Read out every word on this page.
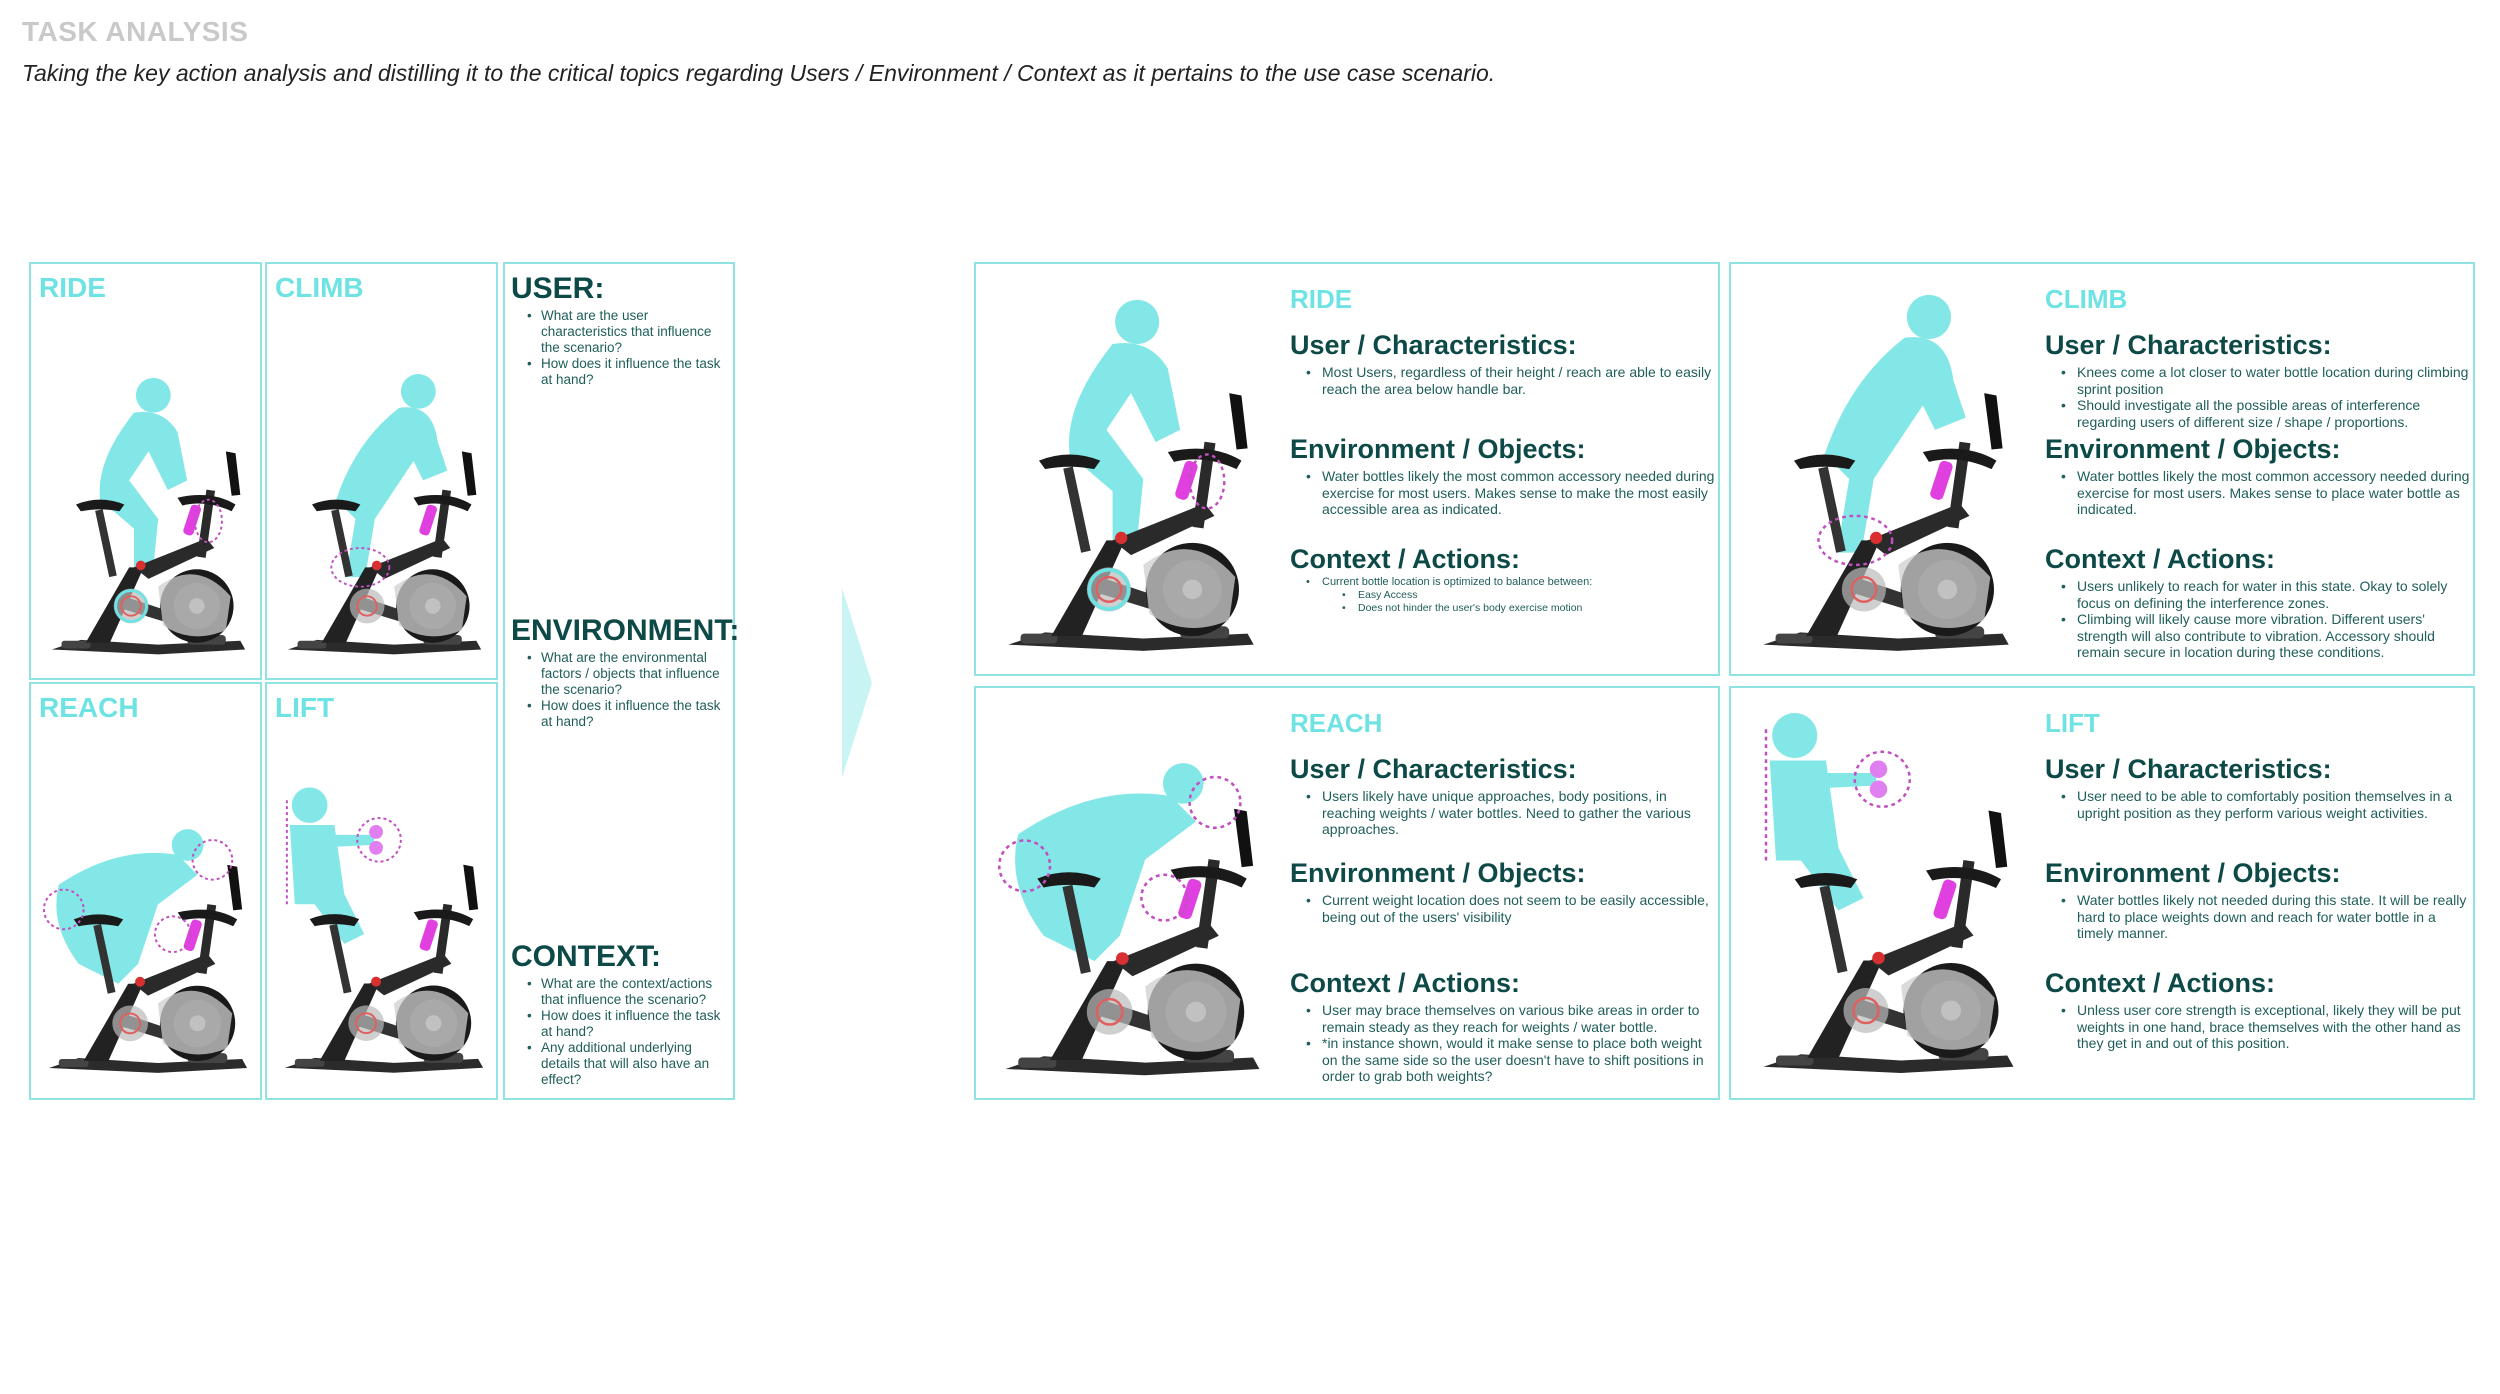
TASK ANALYSIS
Taking the key action analysis and distilling it to the critical topics regarding Users / Environment / Context as it pertains to the use case scenario.
RIDE	CLIMB
REACH	LIFT
USER:
• What are the user characteristics that influence the scenario?
• How does it influence the task at hand?
ENVIRONMENT:
• What are the environmental factors / objects that influence the scenario?
• How does it influence the task at hand?
CONTEXT:
• What are the context/actions that influence the scenario?
• How does it influence the task at hand?
• Any additional underlying details that will also have an effect?
RIDE
User / Characteristics:
• Most Users, regardless of their height / reach are able to easily reach the area below handle bar.
Environment / Objects:
• Water bottles likely the most common accessory needed during exercise for most users. Makes sense to make the most easily accessible area as indicated.
Context / Actions:
• Current bottle location is optimized to balance between:
• Easy Access
• Does not hinder the user's body exercise motion
CLIMB
User / Characteristics:
• Knees come a lot closer to water bottle location during climbing sprint position
• Should investigate all the possible areas of interference regarding users of different size / shape / proportions.
Environment / Objects:
• Water bottles likely the most common accessory needed during exercise for most users. Makes sense to place water bottle as indicated.
Context / Actions:
• Users unlikely to reach for water in this state. Okay to solely focus on defining the interference zones.
• Climbing will likely cause more vibration. Different users' strength will also contribute to vibration. Accessory should remain secure in location during these conditions.
REACH
User / Characteristics:
• Users likely have unique approaches, body positions, in reaching weights / water bottles. Need to gather the various approaches.
Environment / Objects:
• Current weight location does not seem to be easily accessible, being out of the users' visibility
Context / Actions:
• User may brace themselves on various bike areas in order to remain steady as they reach for weights / water bottle.
• *in instance shown, would it make sense to place both weight on the same side so the user doesn't have to shift positions in order to grab both weights?
LIFT
User / Characteristics:
• User need to be able to comfortably position themselves in a upright position as they perform various weight activities.
Environment / Objects:
• Water bottles likely not needed during this state. It will be really hard to place weights down and reach for water bottle in a timely manner.
Context / Actions:
• Unless user core strength is exceptional, likely they will be put weights in one hand, brace themselves with the other hand as they get in and out of this position.
